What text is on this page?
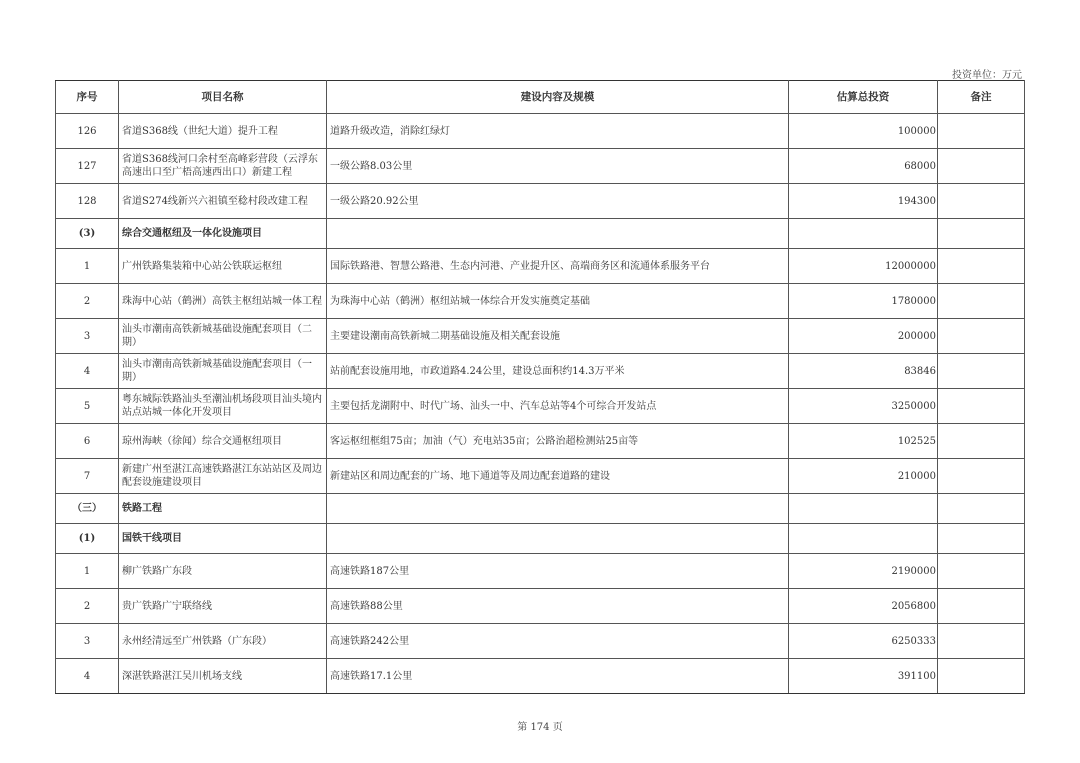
投资单位：万元
序号	项目名称	建设内容及规模	估算总投资	备注
126	省道S368线（世纪大道）提升工程	道路升级改造，消除红绿灯	100000	
127	省道S368线河口余村至高峰彩营段（云浮东高速出口至广梧高速西出口）新建工程	一级公路8.03公里	68000	
128	省道S274线新兴六祖镇至稔村段改建工程	一级公路20.92公里	194300	
(3)	综合交通枢纽及一体化设施项目			
1	广州铁路集装箱中心站公铁联运枢纽	国际铁路港、智慧公路港、生态内河港、产业提升区、高端商务区和流通体系服务平台	12000000	
2	珠海中心站（鹤洲）高铁主枢纽站城一体工程	为珠海中心站（鹤洲）枢纽站城一体综合开发实施奠定基础	1780000	
3	汕头市潮南高铁新城基础设施配套项目（二期）	主要建设潮南高铁新城二期基础设施及相关配套设施	200000	
4	汕头市潮南高铁新城基础设施配套项目（一期）	站前配套设施用地，市政道路4.24公里，建设总面积约14.3万平米	83846	
5	粤东城际铁路汕头至潮汕机场段项目汕头境内站点站城一体化开发项目	主要包括龙湖附中、时代广场、汕头一中、汽车总站等4个可综合开发站点	3250000	
6	琼州海峡（徐闻）综合交通枢纽项目	客运枢纽框组75亩；加油（气）充电站35亩；公路治超检测站25亩等	102525	
7	新建广州至湛江高速铁路湛江东站站区及周边配套设施建设项目	新建站区和周边配套的广场、地下通道等及周边配套道路的建设	210000	
（三）	铁路工程			
(1)	国铁干线项目			
1	柳广铁路广东段	高速铁路187公里	2190000	
2	贵广铁路广宁联络线	高速铁路88公里	2056800	
3	永州经清远至广州铁路（广东段）	高速铁路242公里	6250333	
4	深湛铁路湛江吴川机场支线	高速铁路17.1公里	391100	
第 174 页
